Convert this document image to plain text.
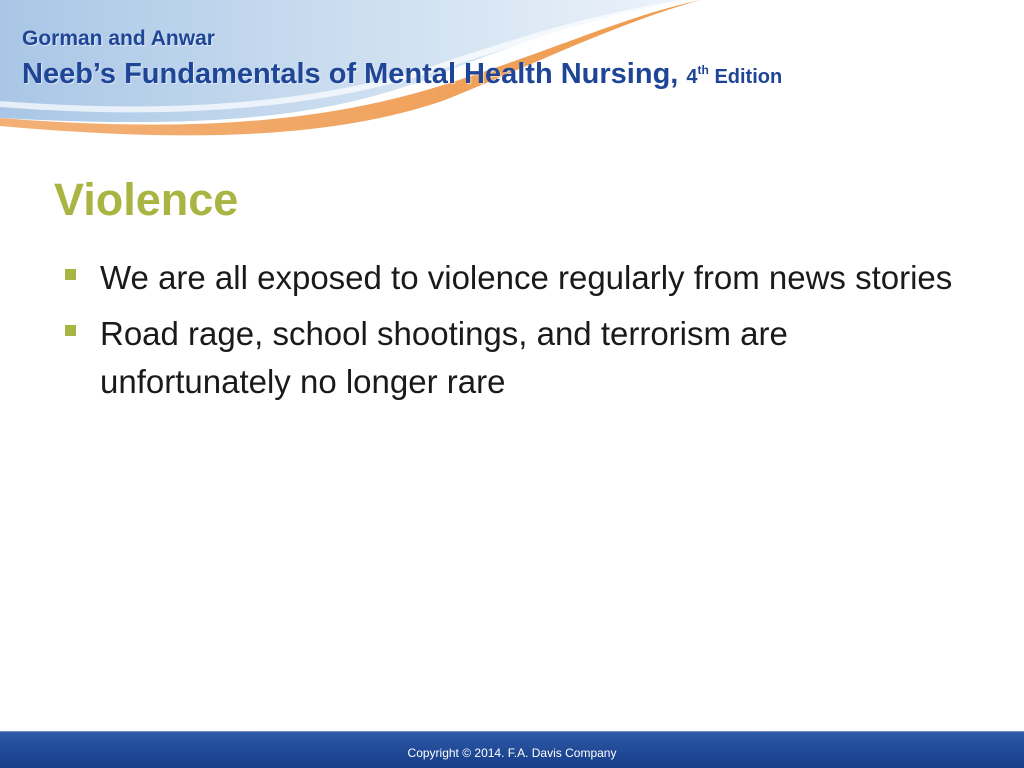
Gorman and Anwar
Neeb’s Fundamentals of Mental Health Nursing, 4th Edition
Violence
We are all exposed to violence regularly from news stories
Road rage, school shootings, and terrorism are unfortunately no longer rare
Copyright © 2014. F.A. Davis Company
